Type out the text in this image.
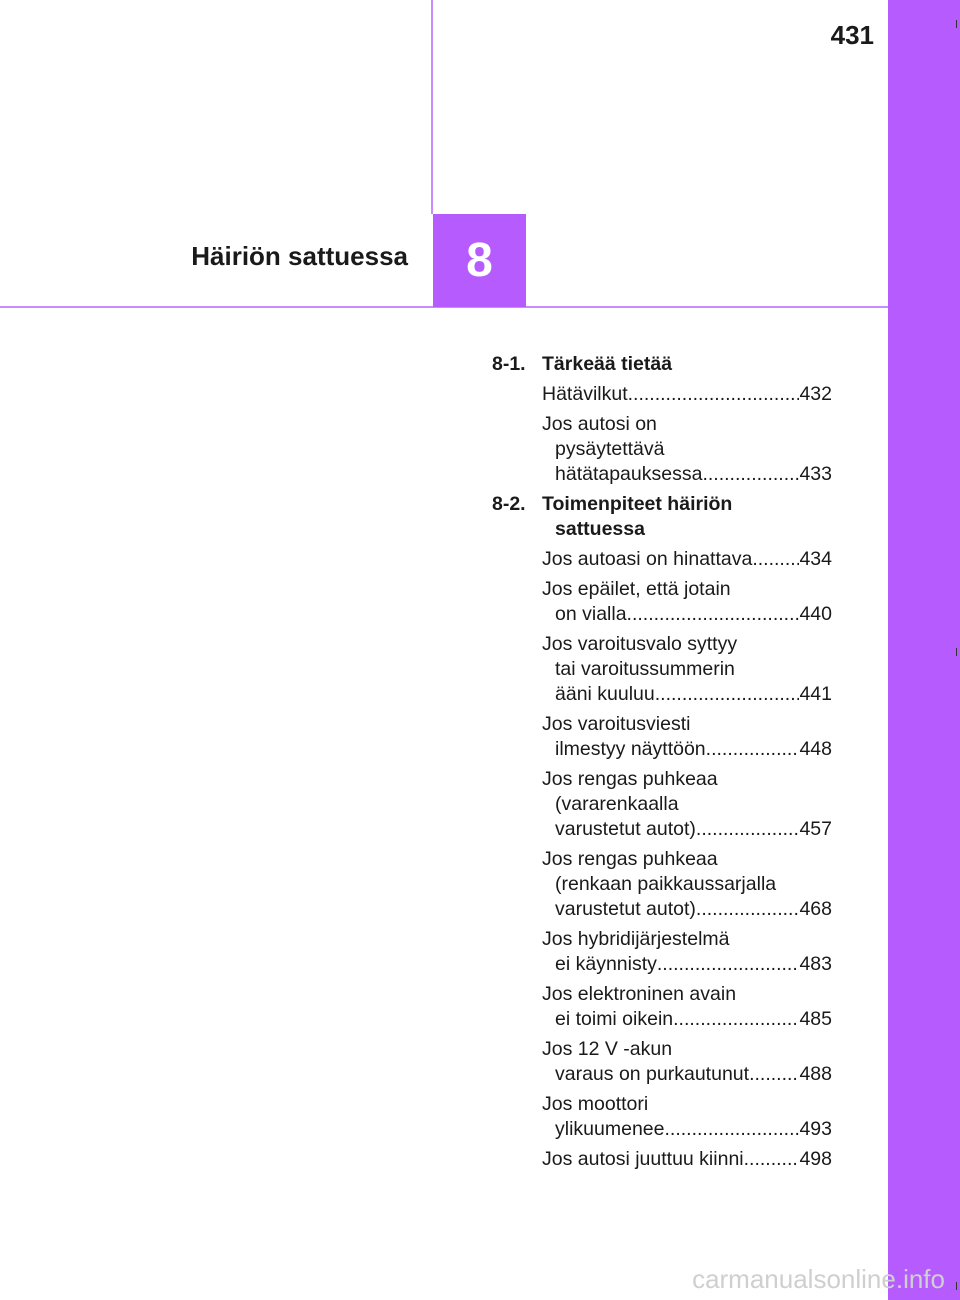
431
Häiriön sattuessa 8
8-1. Tärkeää tietää
Hätävilkut .....	432
Jos autosi on
pysäytettävä
hätätapauksessa .....	433
8-2. Toimenpiteet häiriön
sattuessa
Jos autoasi on hinattava ..... 434
Jos epäilet, että jotain
on vialla .....	440
Jos varoitusvalo syttyy
tai varoitussummerin
ääni kuuluu .....	441
Jos varoitusviesti
ilmestyy näyttöön .....	448
Jos rengas puhkeaa
(vararenkaalla
varustetut autot) .....	457
Jos rengas puhkeaa
(renkaan paikkaussarjalla
varustetut autot) .....	468
Jos hybridijärjestelmä
ei käynnisty .....	483
Jos elektroninen avain
ei toimi oikein .....	485
Jos 12 V -akun
varaus on purkautunut .....	488
Jos moottori
ylikuumenee .....	493
Jos autosi juuttuu kiinni .....	498
carmanualsonline.info
